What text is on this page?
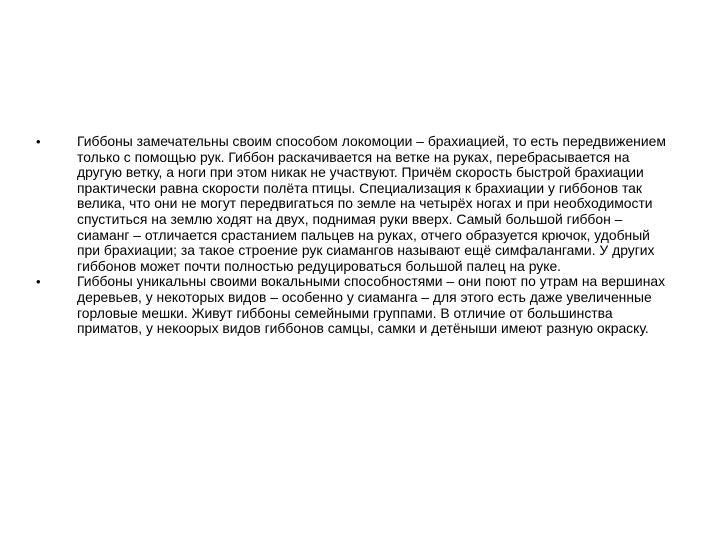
•	Гиббоны замечательны своим способом локомоции – брахиацией, то есть передвижением только с помощью рук. Гиббон раскачивается на ветке на руках, перебрасывается на другую ветку, а ноги при этом никак не участвуют. Причём скорость быстрой брахиации практически равна скорости полёта птицы. Специализация к брахиации у гиббонов так велика, что они не могут передвигаться по земле на четырёх ногах и при необходимости спуститься на землю ходят на двух, поднимая руки вверх. Самый большой гиббон – сиаманг – отличается срастанием пальцев на руках, отчего образуется крючок, удобный при брахиации; за такое строение рук сиамангов называют ещё симфалангами. У других гиббонов может почти полностью редуцироваться большой палец на руке.
•	Гиббоны уникальны своими вокальными способностями – они поют по утрам на вершинах деревьев, у некоторых видов – особенно у сиаманга – для этого есть даже увеличенные горловые мешки. Живут гиббоны семейными группами. В отличие от большинства приматов, у некоорых видов гиббонов самцы, самки и детёныши имеют разную окраску.
